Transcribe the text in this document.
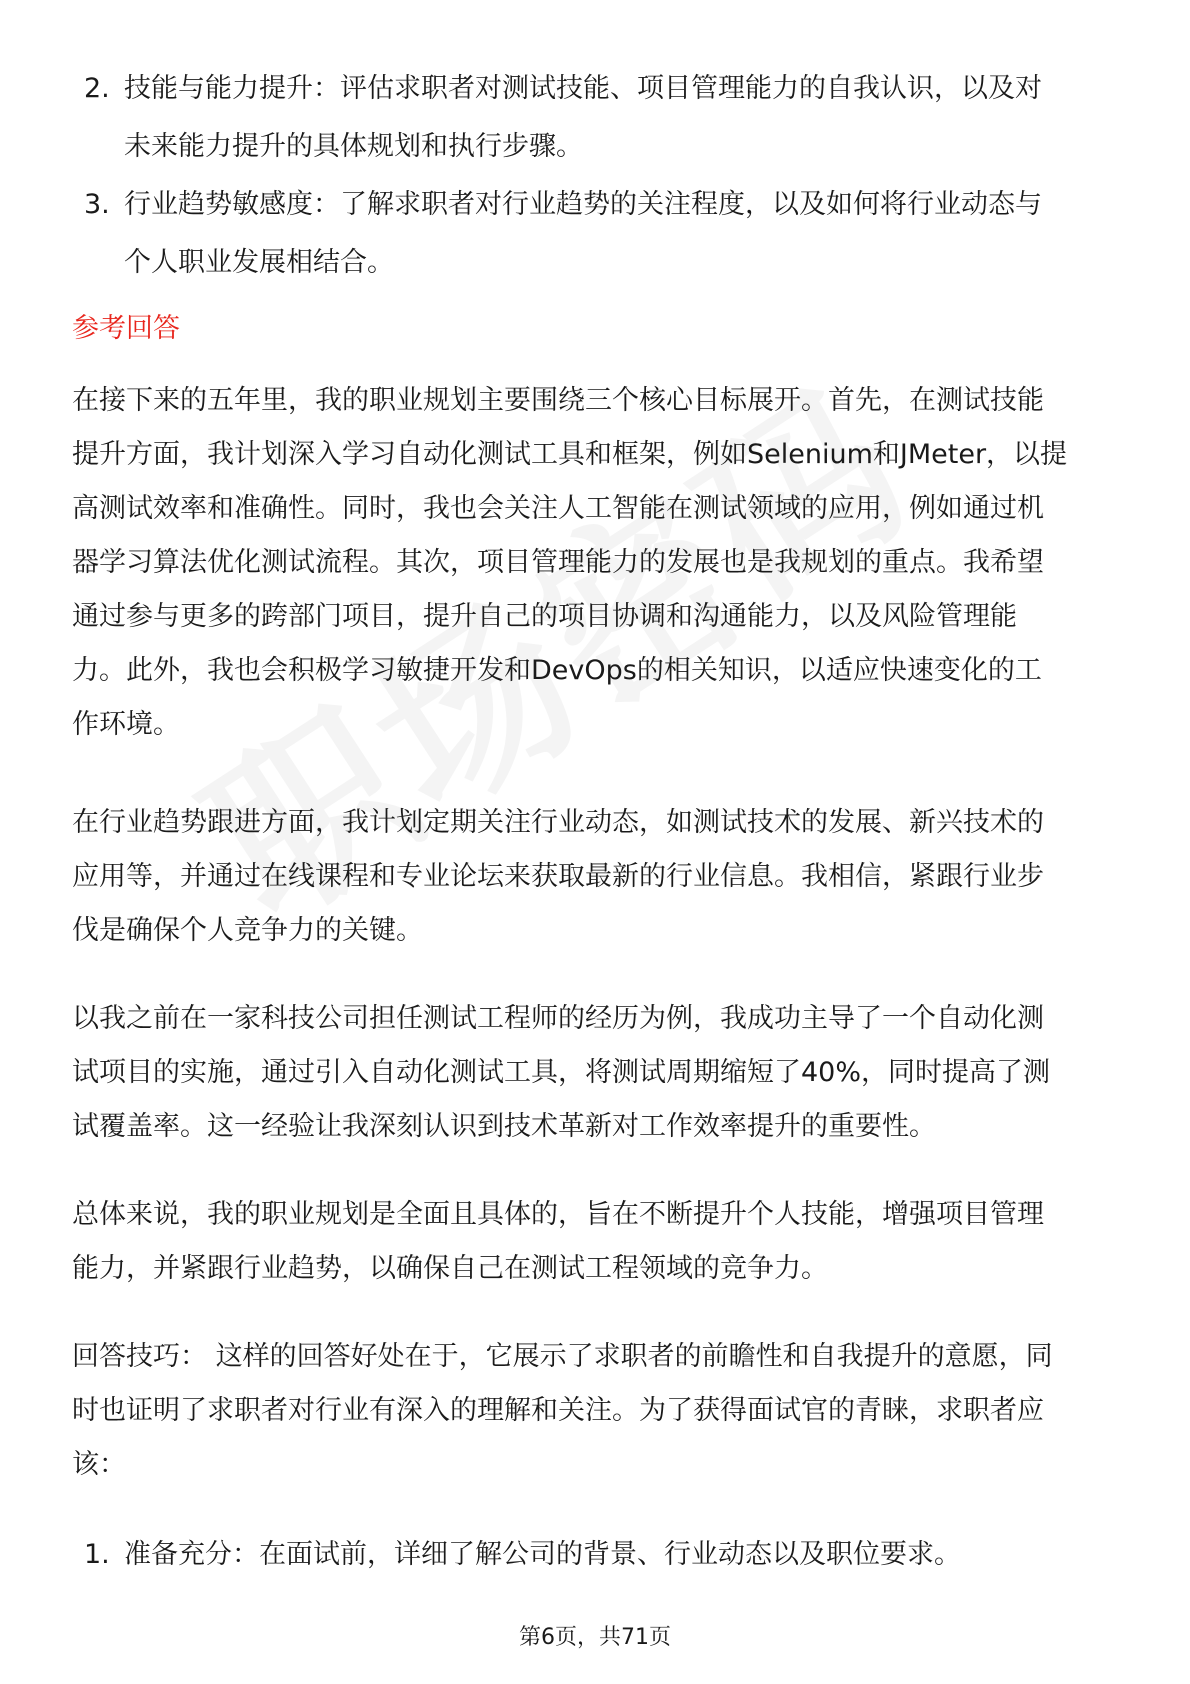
2. 技能与能力提升：评估求职者对测试技能、项目管理能力的自我认识，以及对
未来能力提升的具体规划和执行步骤。
3. 行业趋势敏感度：了解求职者对行业趋势的关注程度，以及如何将行业动态与
个人职业发展相结合。
参考回答
在接下来的五年里，我的职业规划主要围绕三个核心目标展开。首先，在测试技能
提升方面，我计划深入学习自动化测试工具和框架，例如Selenium和JMeter，以提
高测试效率和准确性。同时，我也会关注人工智能在测试领域的应用，例如通过机
器学习算法优化测试流程。其次，项目管理能力的发展也是我规划的重点。我希望
通过参与更多的跨部门项目，提升自己的项目协调和沟通能力，以及风险管理能
力。此外，我也会积极学习敏捷开发和DevOps的相关知识，以适应快速变化的工
作环境。
在行业趋势跟进方面，我计划定期关注行业动态，如测试技术的发展、新兴技术的
应用等，并通过在线课程和专业论坛来获取最新的行业信息。我相信，紧跟行业步
伐是确保个人竞争力的关键。
以我之前在一家科技公司担任测试工程师的经历为例，我成功主导了一个自动化测
试项目的实施，通过引入自动化测试工具，将测试周期缩短了40%，同时提高了测
试覆盖率。这一经验让我深刻认识到技术革新对工作效率提升的重要性。
总体来说，我的职业规划是全面且具体的，旨在不断提升个人技能，增强项目管理
能力，并紧跟行业趋势，以确保自己在测试工程领域的竞争力。
回答技巧： 这样的回答好处在于，它展示了求职者的前瞻性和自我提升的意愿，同
时也证明了求职者对行业有深入的理解和关注。为了获得面试官的青睐，求职者应
该：
1. 准备充分：在面试前，详细了解公司的背景、行业动态以及职位要求。
第6页，共71页
